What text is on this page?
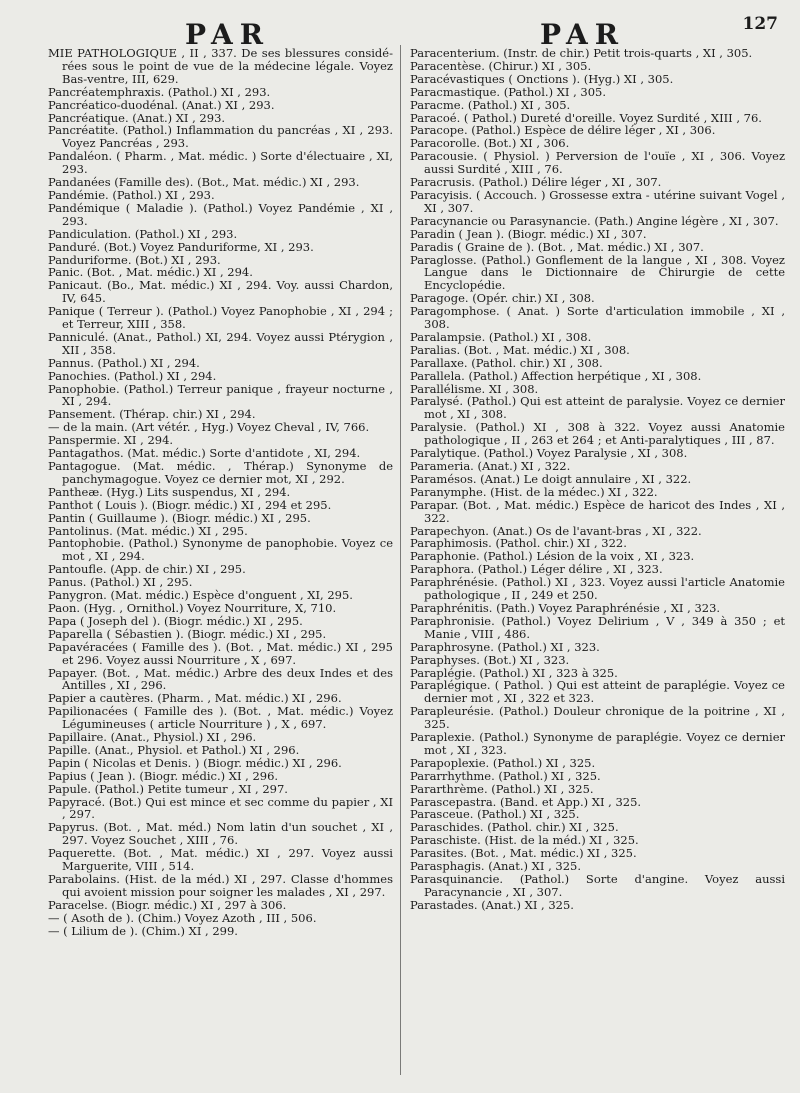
PAR	PAR	127
MIE PATHOLOGIQUE , II , 337. De ses blessures considé-rées sous le point de vue de la médecine légale. Voyez Bas-ventre, III, 629.
Pancréatemphraxis. (Pathol.) XI , 293.
Pancréatico-duodénal. (Anat.) XI , 293.
Pancréatique. (Anat.) XI , 293.
Pancréatite. (Pathol.) Inflammation du pancréas , XI , 293. Voyez Pancréas , 293.
Pandaléon. ( Pharm. , Mat. médic. ) Sorte d'électuaire , XI, 293.
Pandanées (Famille des). (Bot., Mat. médic.) XI , 293.
Pandémie. (Pathol.) XI , 293.
Pandémique ( Maladie ). (Pathol.) Voyez Pandémie , XI , 293.
Pandiculation. (Pathol.) XI , 293.
Panduré. (Bot.) Voyez Panduriforme, XI , 293.
Panduriforme. (Bot.) XI , 293.
Panic. (Bot. , Mat. médic.) XI , 294.
Panicaut. (Bo., Mat. médic.) XI , 294. Voy. aussi Chardon, IV, 645.
Panique ( Terreur ). (Pathol.) Voyez Panophobie , XI , 294 ; et Terreur, XIII , 358.
Panniculé. (Anat., Pathol.) XI, 294. Voyez aussi Ptérygion , XII , 358.
Pannus. (Pathol.) XI , 294.
Panochies. (Pathol.) XI , 294.
Panophobie. (Pathol.) Terreur panique , frayeur nocturne , XI , 294.
Pansement. (Thérap. chir.) XI , 294.
— de la main. (Art vétér. , Hyg.) Voyez Cheval , IV, 766.
Panspermie. XI , 294.
Pantagathos. (Mat. médic.) Sorte d'antidote , XI, 294.
Pantagogue. (Mat. médic. , Thérap.) Synonyme de panchymagogue. Voyez ce dernier mot, XI , 292.
Pantheæ. (Hyg.) Lits suspendus, XI , 294.
Panthot ( Louis ). (Biogr. médic.) XI , 294 et 295.
Pantin ( Guillaume ). (Biogr. médic.) XI , 295.
Pantolinus. (Mat. médic.) XI , 295.
Pantophobie. (Pathol.) Synonyme de panophobie. Voyez ce mot , XI , 294.
Pantoufle. (App. de chir.) XI , 295.
Panus. (Pathol.) XI , 295.
Panygron. (Mat. médic.) Espèce d'onguent , XI, 295.
Paon. (Hyg. , Ornithol.) Voyez Nourriture, X, 710.
Papa ( Joseph del ). (Biogr. médic.) XI , 295.
Paparella ( Sébastien ). (Biogr. médic.) XI , 295.
Papavéracées ( Famille des ). (Bot. , Mat. médic.) XI , 295 et 296. Voyez aussi Nourriture , X , 697.
Papayer. (Bot. , Mat. médic.) Arbre des deux Indes et des Antilles , XI , 296.
Papier a cautères. (Pharm. , Mat. médic.) XI , 296.
Papilionacées ( Famille des ). (Bot. , Mat. médic.) Voyez Légumineuses ( article Nourriture ) , X , 697.
Papillaire. (Anat., Physiol.) XI , 296.
Papille. (Anat., Physiol. et Pathol.) XI , 296.
Papin ( Nicolas et Denis. ) (Biogr. médic.) XI , 296.
Papius ( Jean ). (Biogr. médic.) XI , 296.
Papule. (Pathol.) Petite tumeur , XI , 297.
Papyracé. (Bot.) Qui est mince et sec comme du papier , XI , 297.
Papyrus. (Bot. , Mat. méd.) Nom latin d'un souchet , XI , 297. Voyez Souchet , XIII , 76.
Paquerette. (Bot. , Mat. médic.) XI , 297. Voyez aussi Marguerite, VIII , 514.
Parabolains. (Hist. de la méd.) XI , 297. Classe d'hommes qui avoient mission pour soigner les malades , XI , 297.
Paracelse. (Biogr. médic.) XI , 297 à 306.
— ( Asoth de ). (Chim.) Voyez Azoth , III , 506.
— ( Lilium de ). (Chim.) XI , 299.
Paracenterium. (Instr. de chir.) Petit trois-quarts , XI , 305.
Paracentèse. (Chirur.) XI , 305.
Paracévastiques ( Onctions ). (Hyg.) XI , 305.
Paracmastique. (Pathol.) XI , 305.
Paracme. (Pathol.) XI , 305.
Paracoé. ( Pathol.) Dureté d'oreille. Voyez Surdité , XIII , 76.
Paracope. (Pathol.) Espèce de délire léger , XI , 306.
Paracorolle. (Bot.) XI , 306.
Paracousie. ( Physiol. ) Perversion de l'ouïe , XI , 306. Voyez aussi Surdité , XIII , 76.
Paracrusis. (Pathol.) Délire léger , XI , 307.
Paracyisis. ( Accouch. ) Grossesse extra - utérine suivant Vogel , XI , 307.
Paracynancie ou Parasynancie. (Path.) Angine légère , XI , 307.
Paradin ( Jean ). (Biogr. médic.) XI , 307.
Paradis ( Graine de ). (Bot. , Mat. médic.) XI , 307.
Paraglosse. (Pathol.) Gonflement de la langue , XI , 308. Voyez Langue dans le Dictionnaire de Chirurgie de cette Encyclopédie.
Paragoge. (Opér. chir.) XI , 308.
Paragomphose. ( Anat. ) Sorte d'articulation immobile , XI , 308.
Paralampsie. (Pathol.) XI , 308.
Paralias. (Bot. , Mat. médic.) XI , 308.
Parallaxe. (Pathol. chir.) XI , 308.
Parallela. (Pathol.) Affection herpétique , XI , 308.
Parallélisme. XI , 308.
Paralysé. (Pathol.) Qui est atteint de paralysie. Voyez ce dernier mot , XI , 308.
Paralysie. (Pathol.) XI , 308 à 322. Voyez aussi Anatomie pathologique , II , 263 et 264 ; et Anti-paralytiques , III , 87.
Paralytique. (Pathol.) Voyez Paralysie , XI , 308.
Parameria. (Anat.) XI , 322.
Paramésos. (Anat.) Le doigt annulaire , XI , 322.
Paranymphe. (Hist. de la médec.) XI , 322.
Parapar. (Bot. , Mat. médic.) Espèce de haricot des Indes , XI , 322.
Parapechyon. (Anat.) Os de l'avant-bras , XI , 322.
Paraphimosis. (Pathol. chir.) XI , 322.
Paraphonie. (Pathol.) Lésion de la voix , XI , 323.
Paraphora. (Pathol.) Léger délire , XI , 323.
Paraphrénésie. (Pathol.) XI , 323. Voyez aussi l'article Anatomie pathologique , II , 249 et 250.
Paraphrénitis. (Path.) Voyez Paraphrénésie , XI , 323.
Paraphronisie. (Pathol.) Voyez Delirium , V , 349 à 350 ; et Manie , VIII , 486.
Paraphrosyne. (Pathol.) XI , 323.
Paraphyses. (Bot.) XI , 323.
Paraplégie. (Pathol.) XI , 323 à 325.
Paraplégique. ( Pathol. ) Qui est atteint de paraplégie. Voyez ce dernier mot , XI , 322 et 323.
Parapleurésie. (Pathol.) Douleur chronique de la poitrine , XI , 325.
Paraplexie. (Pathol.) Synonyme de paraplégie. Voyez ce dernier mot , XI , 323.
Parapoplexie. (Pathol.) XI , 325.
Pararrhythme. (Pathol.) XI , 325.
Pararthrème. (Pathol.) XI , 325.
Parascepastra. (Band. et App.) XI , 325.
Parasceue. (Pathol.) XI , 325.
Paraschides. (Pathol. chir.) XI , 325.
Paraschiste. (Hist. de la méd.) XI , 325.
Parasites. (Bot. , Mat. médic.) XI , 325.
Parasphagis. (Anat.) XI , 325.
Parasquinancie. (Pathol.) Sorte d'angine. Voyez aussi Paracynancie , XI , 307.
Parastades. (Anat.) XI , 325.
